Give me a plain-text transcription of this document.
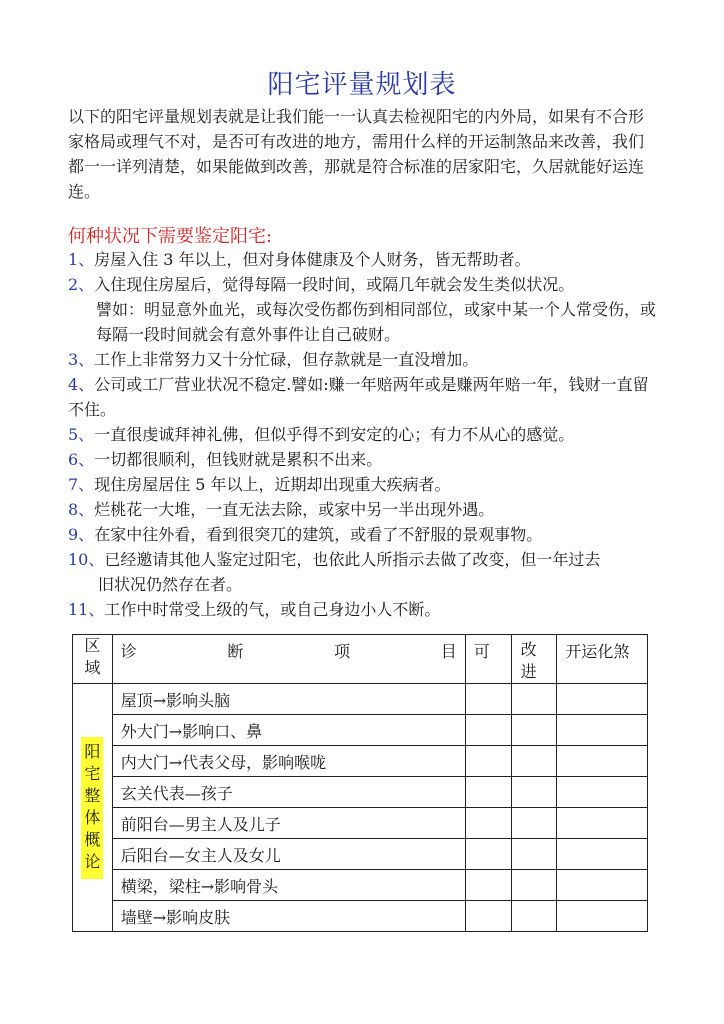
阳宅评量规划表

以下的阳宅评量规划表就是让我们能一一认真去检视阳宅的内外局，如果有不合形家格局或理气不对，是否可有改进的地方，需用什么样的开运制煞品来改善，我们都一一详列清楚，如果能做到改善，那就是符合标准的居家阳宅，久居就能好运连连。

何种状况下需要鉴定阳宅:
1、房屋入住 3 年以上，但对身体健康及个人财务，皆无帮助者。
2、入住现住房屋后，觉得每隔一段时间，或隔几年就会发生类似状况。
譬如：明显意外血光，或每次受伤都伤到相同部位，或家中某一个人常受伤，或每隔一段时间就会有意外事件让自己破财。
3、工作上非常努力又十分忙碌，但存款就是一直没增加。
4、公司或工厂营业状况不稳定.譬如:赚一年赔两年或是赚两年赔一年，钱财一直留不住。
5、一直很虔诚拜神礼佛，但似乎得不到安定的心；有力不从心的感觉。
6、一切都很顺利，但钱财就是累积不出来。
7、现住房屋居住 5 年以上，近期却出现重大疾病者。
8、烂桃花一大堆，一直无法去除，或家中另一半出现外遇。
9、在家中往外看，看到很突兀的建筑，或看了不舒服的景观事物。
10、已经邀请其他人鉴定过阳宅，也依此人所指示去做了改变，但一年过去
旧状况仍然存在者。
11、工作中时常受上级的气，或自己身边小人不断。
区域	诊 断 项 目	可	改进	开运化煞
阳宅整体概论	屋顶→影响头脑			
	外大门→影响口、鼻			
	内大门→代表父母，影响喉咙			
	玄关代表—孩子			
	前阳台—男主人及儿子			
	后阳台—女主人及女儿			
	横梁，梁柱→影响骨头			
	墙壁→影响皮肤			
